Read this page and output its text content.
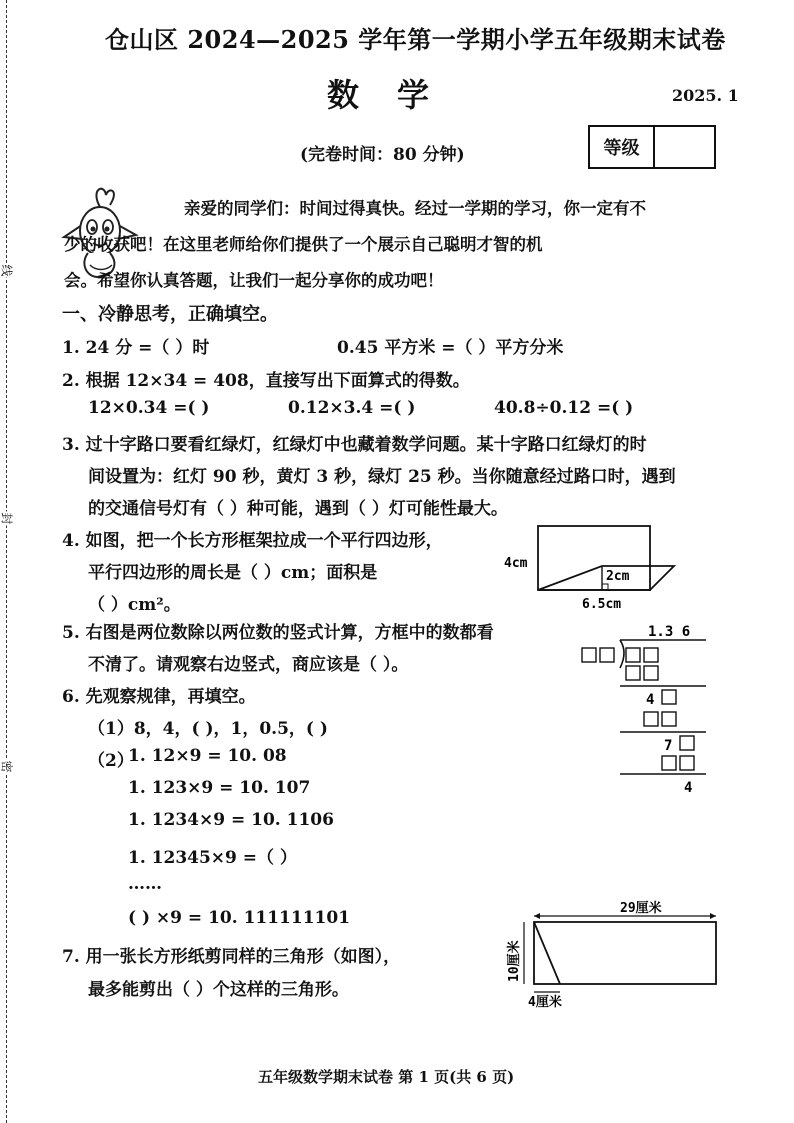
线
封
密
仓山区 2024—2025 学年第一学期小学五年级期末试卷
数学	2025. 1
(完卷时间：80 分钟)	等级
亲爱的同学们：时间过得真快。经过一学期的学习，你一定有不
少的收获吧！在这里老师给你们提供了一个展示自己聪明才智的机
会。希望你认真答题，让我们一起分享你的成功吧！
一、冷静思考，正确填空。
1. 24 分 =（ ）时	0.45 平方米 =（ ）平方分米
2. 根据 12×34 = 408，直接写出下面算式的得数。
12×0.34 =( )	0.12×3.4 =( )	40.8÷0.12 =( )
3. 过十字路口要看红绿灯，红绿灯中也藏着数学问题。某十字路口红绿灯的时
间设置为：红灯 90 秒，黄灯 3 秒，绿灯 25 秒。当你随意经过路口时，遇到
的交通信号灯有（ ）种可能，遇到（ ）灯可能性最大。
4. 如图，把一个长方形框架拉成一个平行四边形，
平行四边形的周长是（ ）cm；面积是
（ ）cm²。
4cm
2cm
6.5cm
5. 右图是两位数除以两位数的竖式计算，方框中的数都看
不清了。请观察右边竖式，商应该是（ ）。
1.3 6
4
7
4
6. 先观察规律，再填空。
（1）8，4，( )，1，0.5，( )
（2）
1. 12×9 = 10. 08
1. 123×9 = 10. 107
1. 1234×9 = 10. 1106
1. 12345×9 =（ ）
……
( ) ×9 = 10. 111111101
7. 用一张长方形纸剪同样的三角形（如图），
最多能剪出（ ）个这样的三角形。
29厘米
10厘米
4厘米
五年级数学期末试卷 第 1 页(共 6 页)
